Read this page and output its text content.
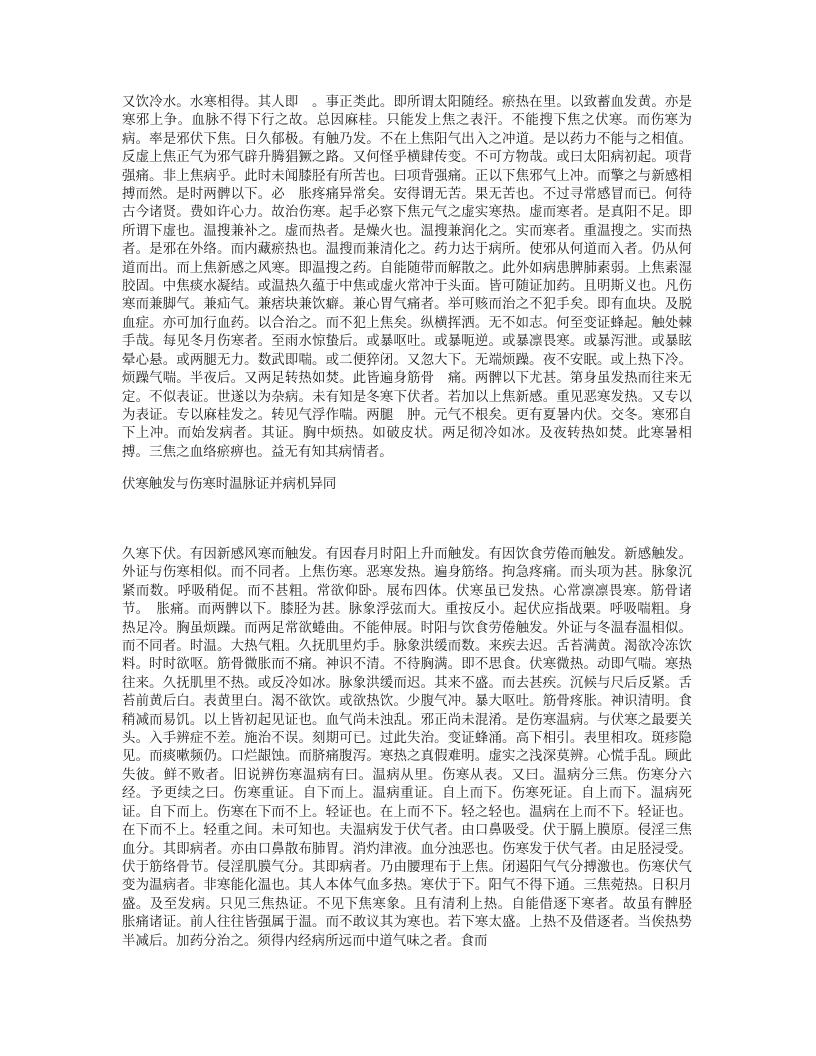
又饮冷水。水寒相得。其人即　。事正类此。即所谓太阳随经。瘀热在里。以致蓄血发黄。亦是寒邪上争。血脉不得下行之故。总因麻桂。只能发上焦之表汗。不能搜下焦之伏寒。而伤寒为病。率是邪伏下焦。日久郁极。有触乃发。不在上焦阳气出入之冲道。是以药力不能与之相值。反虚上焦正气为邪气辟升腾猖獗之路。又何怪乎横肆传变。不可方物哉。或曰太阳病初起。项背强痛。非上焦病乎。此时未闻膝胫有所苦也。曰项背强痛。正以下焦邪气上冲。而擎之与新感相搏而然。是时两髀以下。必　胀疼痛异常矣。安得谓无苦。果无苦也。不过寻常感冒而已。何待古今诸贤。费如许心力。故治伤寒。起手必察下焦元气之虚实寒热。虚而寒者。是真阳不足。即所谓下虚也。温搜兼补之。虚而热者。是燥火也。温搜兼润化之。实而寒者。重温搜之。实而热者。是邪在外络。而内藏瘀热也。温搜而兼清化之。药力达于病所。使邪从何道而入者。仍从何道而出。而上焦新感之风寒。即温搜之药。自能随带而解散之。此外如病患脾肺素弱。上焦素湿胶固。中焦痰水凝结。或温热久蕴于中焦或虚火常冲于头面。皆可随证加药。且明斯义也。凡伤寒而兼脚气。兼疝气。兼痞块兼饮癖。兼心胃气痛者。举可赅而治之不犯手矣。即有血块。及脱血症。亦可加行血药。以合治之。而不犯上焦矣。纵横挥洒。无不如志。何至变证蜂起。触处棘手哉。每见冬月伤寒者。至雨水惊蛰后。或暴呕吐。或暴呃逆。或暴凛畏寒。或暴泻泄。或暴眩晕心悬。或两腿无力。数武即喘。或二便猝闭。又忽大下。无端烦躁。夜不安眠。或上热下冷。烦躁气喘。半夜后。又两足转热如焚。此皆遍身筋骨　痛。两髀以下尤甚。第身虽发热而往来无定。不似表证。世遂以为杂病。未有知是冬寒下伏者。若加以上焦新感。重见恶寒发热。又专以为表证。专以麻桂发之。转见气浮作喘。两腿　肿。元气不根矣。更有夏暑内伏。交冬。寒邪自下上冲。而始发病者。其证。胸中烦热。如破皮状。两足彻冷如冰。及夜转热如焚。此寒暑相搏。三焦之血络瘀痹也。益无有知其病情者。

伏寒触发与伤寒时温脉证并病机异同

久寒下伏。有因新感风寒而触发。有因春月时阳上升而触发。有因饮食劳倦而触发。新感触发。外证与伤寒相似。而不同者。上焦伤寒。恶寒发热。遍身筋络。拘急疼痛。而头项为甚。脉象沉紧而数。呼吸稍促。而不甚粗。常欲仰卧。展布四体。伏寒虽已发热。心常凛凛畏寒。筋骨诸节。　胀痛。而两髀以下。膝胫为甚。脉象浮弦而大。重按反小。起伏应指战栗。呼吸喘粗。身热足冷。胸虽烦躁。而两足常欲蜷曲。不能伸展。时阳与饮食劳倦触发。外证与冬温春温相似。而不同者。时温。大热气粗。久抚肌里灼手。脉象洪缓而数。来疾去迟。舌苔满黄。渴欲冷冻饮料。时时欲呕。筋骨微胀而不痛。神识不清。不待胸满。即不思食。伏寒微热。动即气喘。寒热往来。久抚肌里不热。或反冷如冰。脉象洪缓而迟。其来不盛。而去甚疾。沉候与尺后反紧。舌苔前黄后白。表黄里白。渴不欲饮。或欲热饮。少腹气冲。暴大呕吐。筋骨疼胀。神识清明。食稍减而易饥。以上皆初起见证也。血气尚未浊乱。邪正尚未混淆。是伤寒温病。与伏寒之最要关头。入手辨症不差。施治不误。刻期可已。过此失治。变证蜂涌。高下相引。表里相攻。斑疹隐见。而痰嗽频仍。口烂龈蚀。而脐痛腹泻。寒热之真假难明。虚实之浅深莫辨。心慌手乱。顾此失彼。鲜不败者。旧说辨伤寒温病有曰。温病从里。伤寒从表。又曰。温病分三焦。伤寒分六经。予更续之曰。伤寒重证。自下而上。温病重证。自上而下。伤寒死证。自上而下。温病死证。自下而上。伤寒在下而不上。轻证也。在上而不下。轻之轻也。温病在上而不下。轻证也。在下而不上。轻重之间。未可知也。夫温病发于伏气者。由口鼻吸受。伏于膈上膜原。侵淫三焦血分。其即病者。亦由口鼻散布肺胃。消灼津液。血分浊恶也。伤寒发于伏气者。由足胫浸受。伏于筋络骨节。侵淫肌膜气分。其即病者。乃由腰理布于上焦。闭遏阳气气分搏激也。伤寒伏气变为温病者。非寒能化温也。其人本体气血多热。寒伏于下。阳气不得下通。三焦菀热。日积月盛。及至发病。只见三焦热证。不见下焦寒象。且有清利上热。自能借逐下寒者。故虽有髀胫　胀痛诸证。前人往往皆强属于温。而不敢议其为寒也。若下寒太盛。上热不及借逐者。当俟热势半减后。加药分治之。须得内经病所远而中道气味之者。食而
